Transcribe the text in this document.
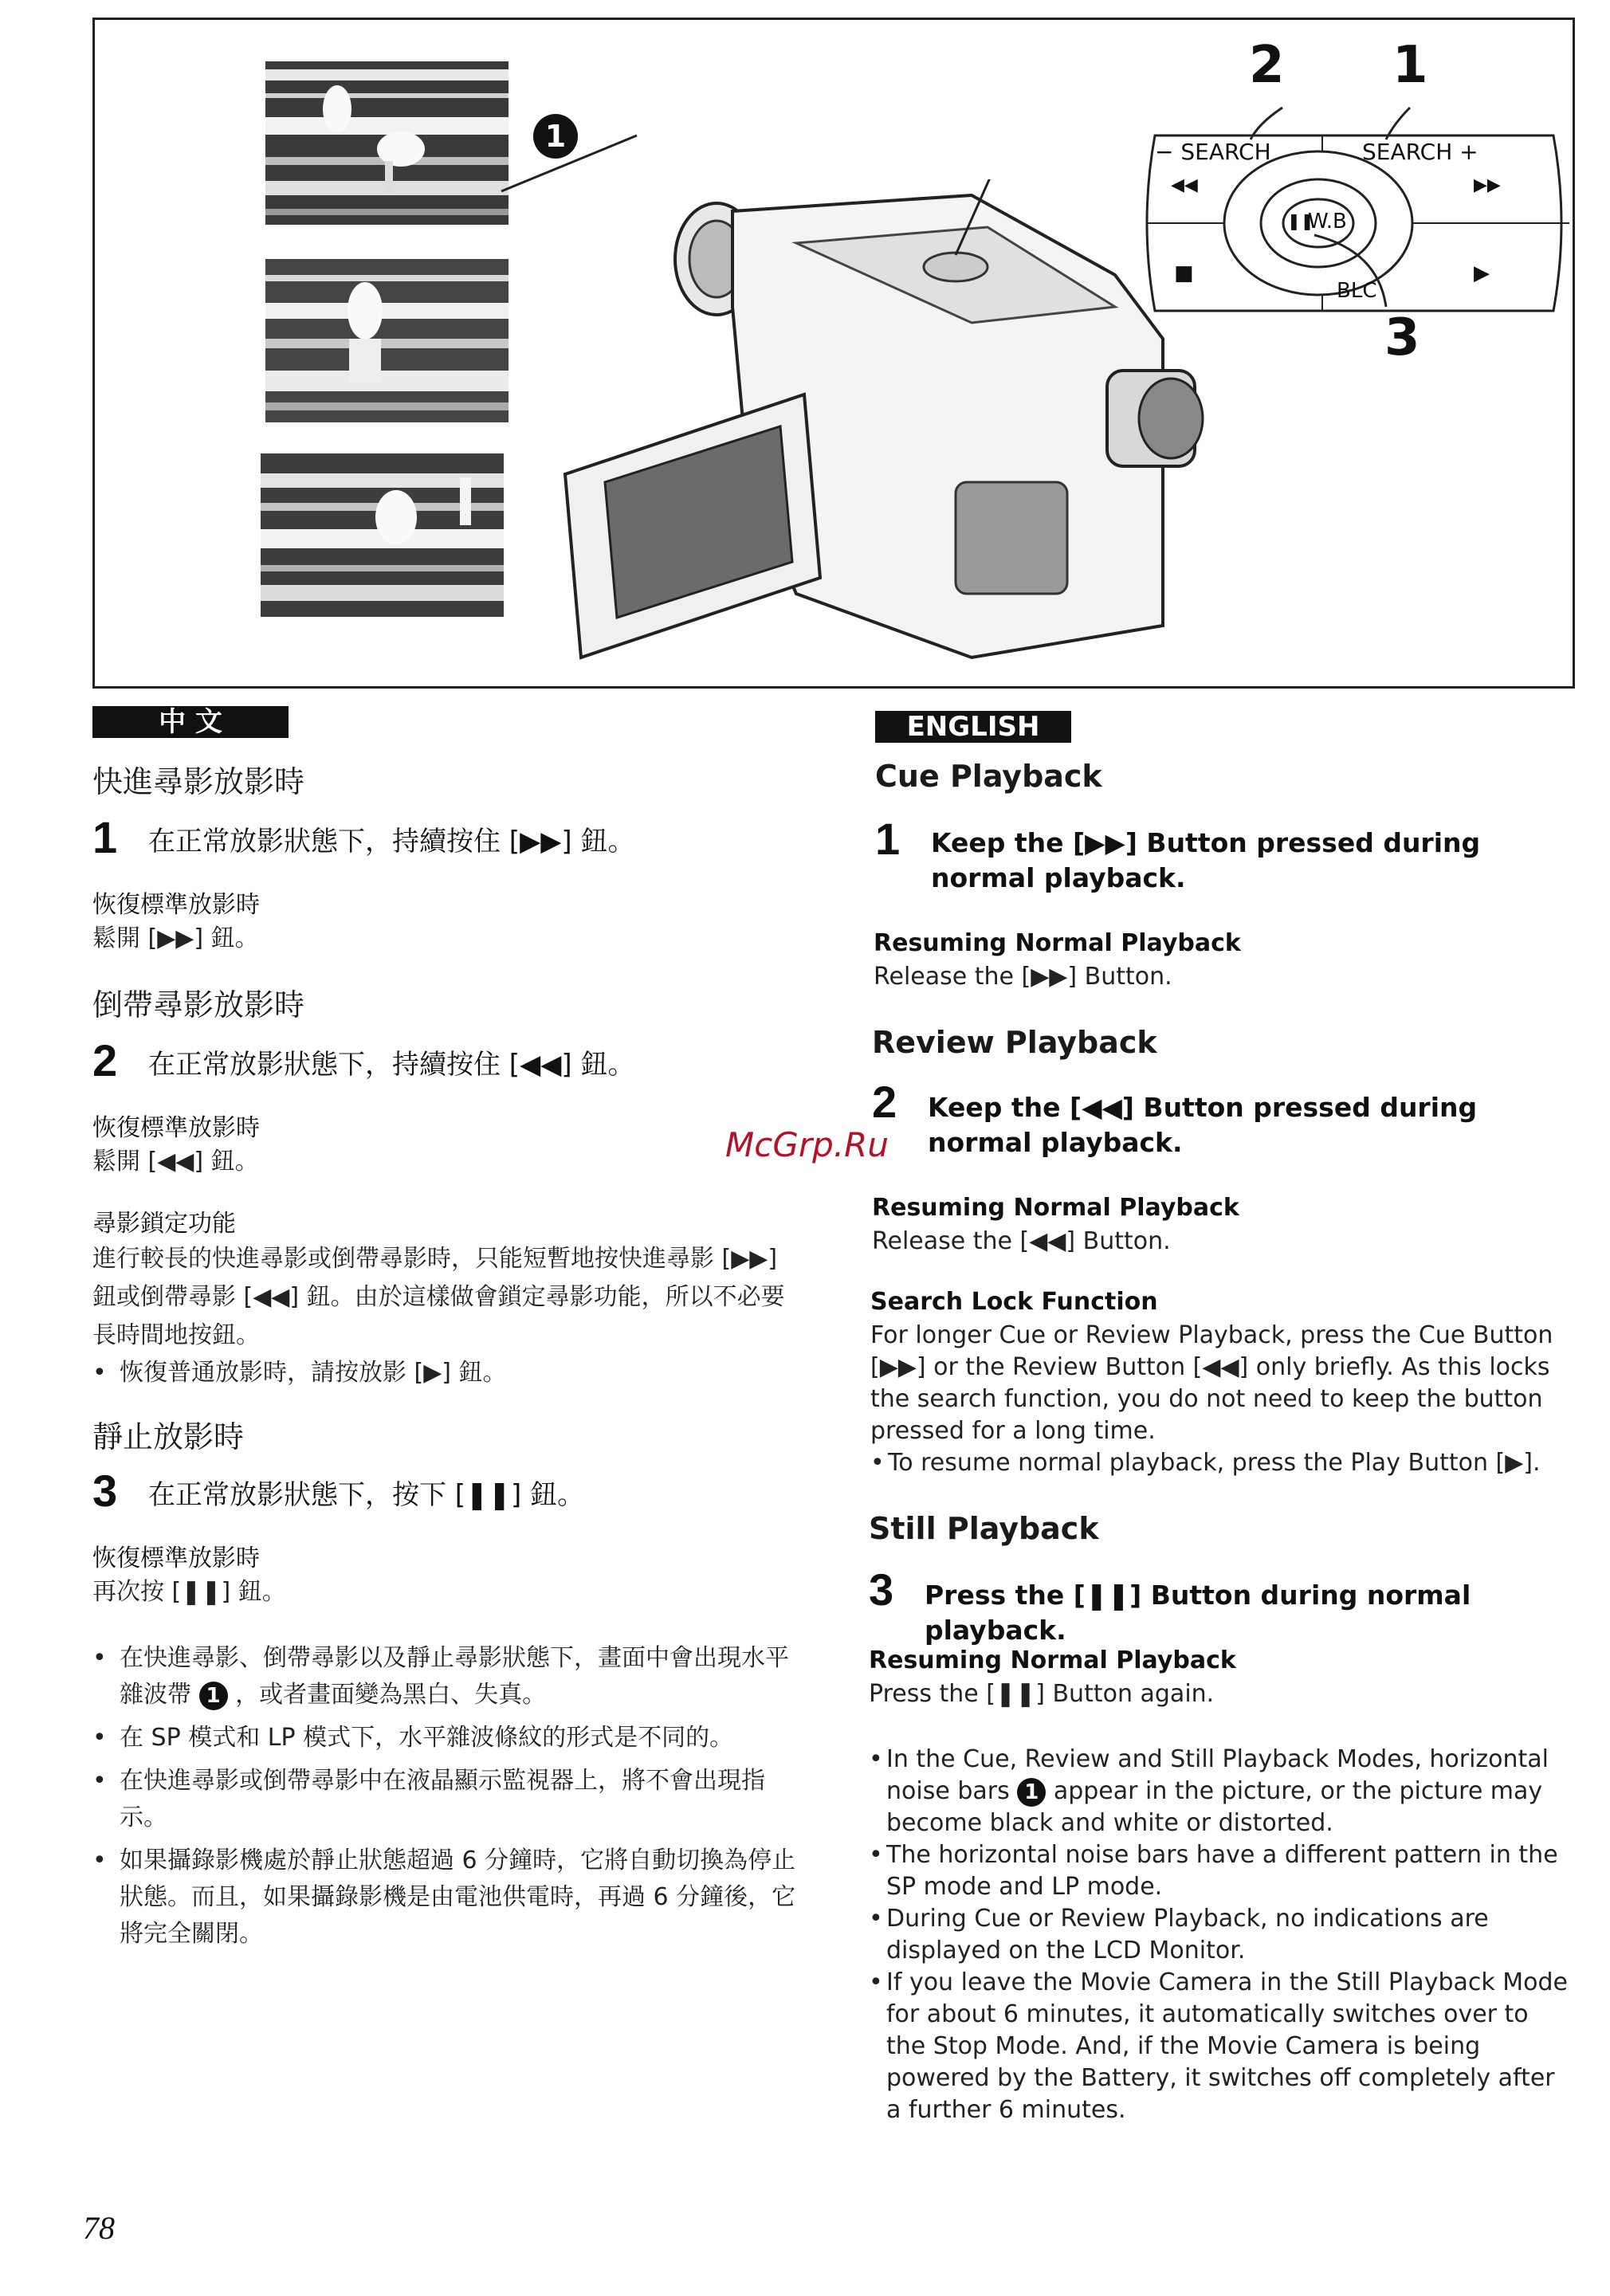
1	− SEARCH	SEARCH +
◀◀	▶▶
❚❚
W.B
■	▶
BLC
2 1
3
中 文
快進尋影放影時
1 在正常放影狀態下，持續按住 [▶▶] 鈕。
恢復標準放影時
鬆開 [▶▶] 鈕。
倒帶尋影放影時
2 在正常放影狀態下，持續按住 [◀◀] 鈕。
恢復標準放影時
鬆開 [◀◀] 鈕。
尋影鎖定功能
進行較長的快進尋影或倒帶尋影時，只能短暫地按快進尋影 [▶▶] 鈕或倒帶尋影 [◀◀] 鈕。由於這樣做會鎖定尋影功能，所以不必要長時間地按鈕。
• 恢復普通放影時，請按放影 [▶] 鈕。
靜止放影時
3 在正常放影狀態下，按下 [❚❚] 鈕。
恢復標準放影時
再次按 [❚❚] 鈕。
• 在快進尋影、倒帶尋影以及靜止尋影狀態下，畫面中會出現水平雜波帶 1 ，或者畫面變為黑白、失真。
• 在 SP 模式和 LP 模式下，水平雜波條紋的形式是不同的。
• 在快進尋影或倒帶尋影中在液晶顯示監視器上，將不會出現指示。
• 如果攝錄影機處於靜止狀態超過 6 分鐘時，它將自動切換為停止狀態。而且，如果攝錄影機是由電池供電時，再過 6 分鐘後，它將完全關閉。
ENGLISH
Cue Playback
1 Keep the [▶▶] Button pressed during normal playback.
Resuming Normal Playback
Release the [▶▶] Button.
Review Playback
2 Keep the [◀◀] Button pressed during normal playback.
Resuming Normal Playback
Release the [◀◀] Button.
Search Lock Function
For longer Cue or Review Playback, press the Cue Button [▶▶] or the Review Button [◀◀] only briefly. As this locks the search function, you do not need to keep the button pressed for a long time.
• To resume normal playback, press the Play Button [▶].
Still Playback
3 Press the [❚❚] Button during normal playback.
Resuming Normal Playback
Press the [❚❚] Button again.
• In the Cue, Review and Still Playback Modes, horizontal noise bars 1 appear in the picture, or the picture may become black and white or distorted.
• The horizontal noise bars have a different pattern in the SP mode and LP mode.
• During Cue or Review Playback, no indications are displayed on the LCD Monitor.
• If you leave the Movie Camera in the Still Playback Mode for about 6 minutes, it automatically switches over to the Stop Mode. And, if the Movie Camera is being powered by the Battery, it switches off completely after a further 6 minutes.
McGrp.Ru
78
